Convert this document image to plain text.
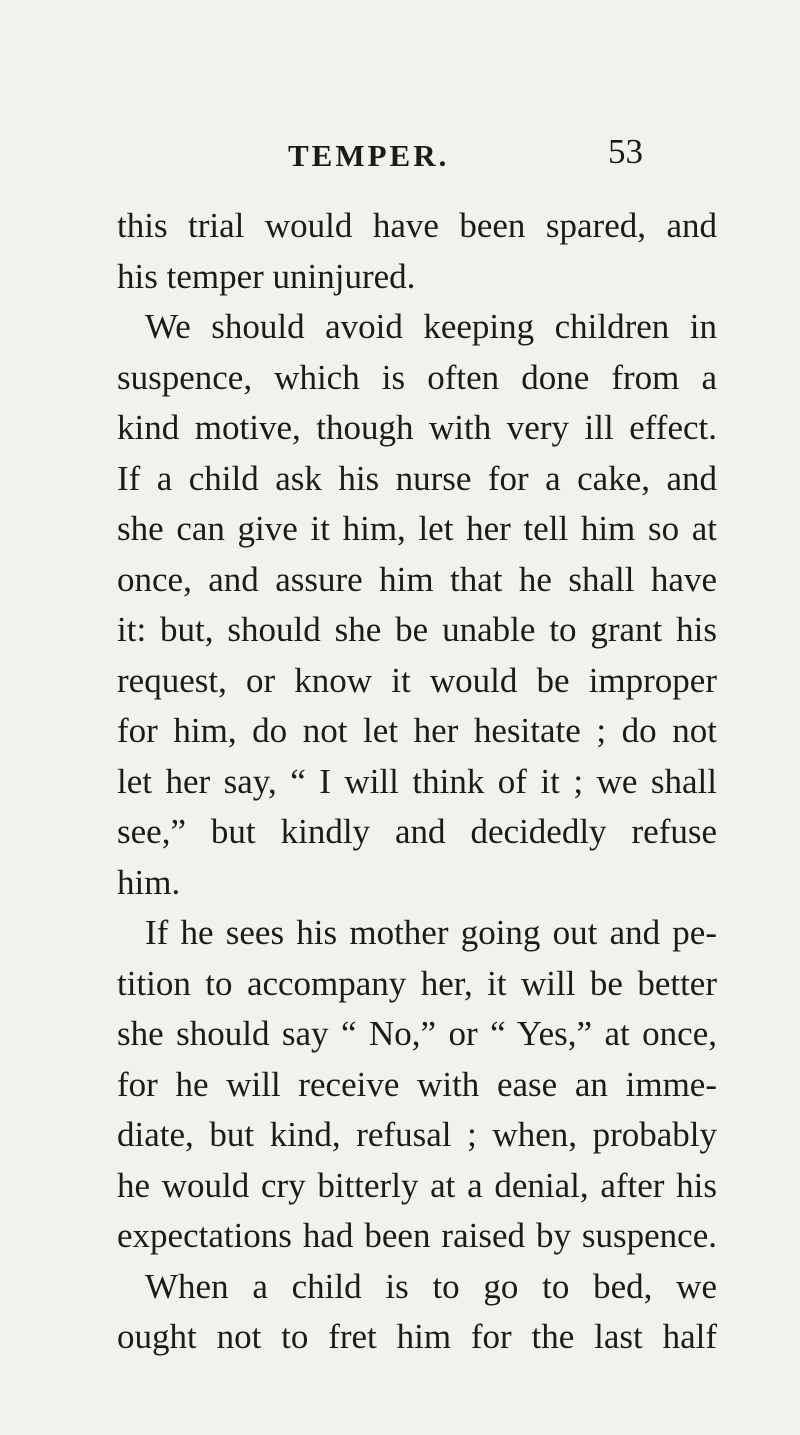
TEMPER.	53
this trial would have been spared, and
his temper uninjured.
We should avoid keeping children in
suspence, which is often done from a
kind motive, though with very ill effect.
If a child ask his nurse for a cake, and
she can give it him, let her tell him so at
once, and assure him that he shall have
it: but, should she be unable to grant his
request, or know it would be improper
for him, do not let her hesitate ; do not
let her say, “ I will think of it ; we shall
see,” but kindly and decidedly refuse
him.
If he sees his mother going out and pe-
tition to accompany her, it will be better
she should say “ No,” or “ Yes,” at once,
for he will receive with ease an imme-
diate, but kind, refusal ; when, probably
he would cry bitterly at a denial, after his
expectations had been raised by suspence.
When a child is to go to bed, we
ought not to fret him for the last half
